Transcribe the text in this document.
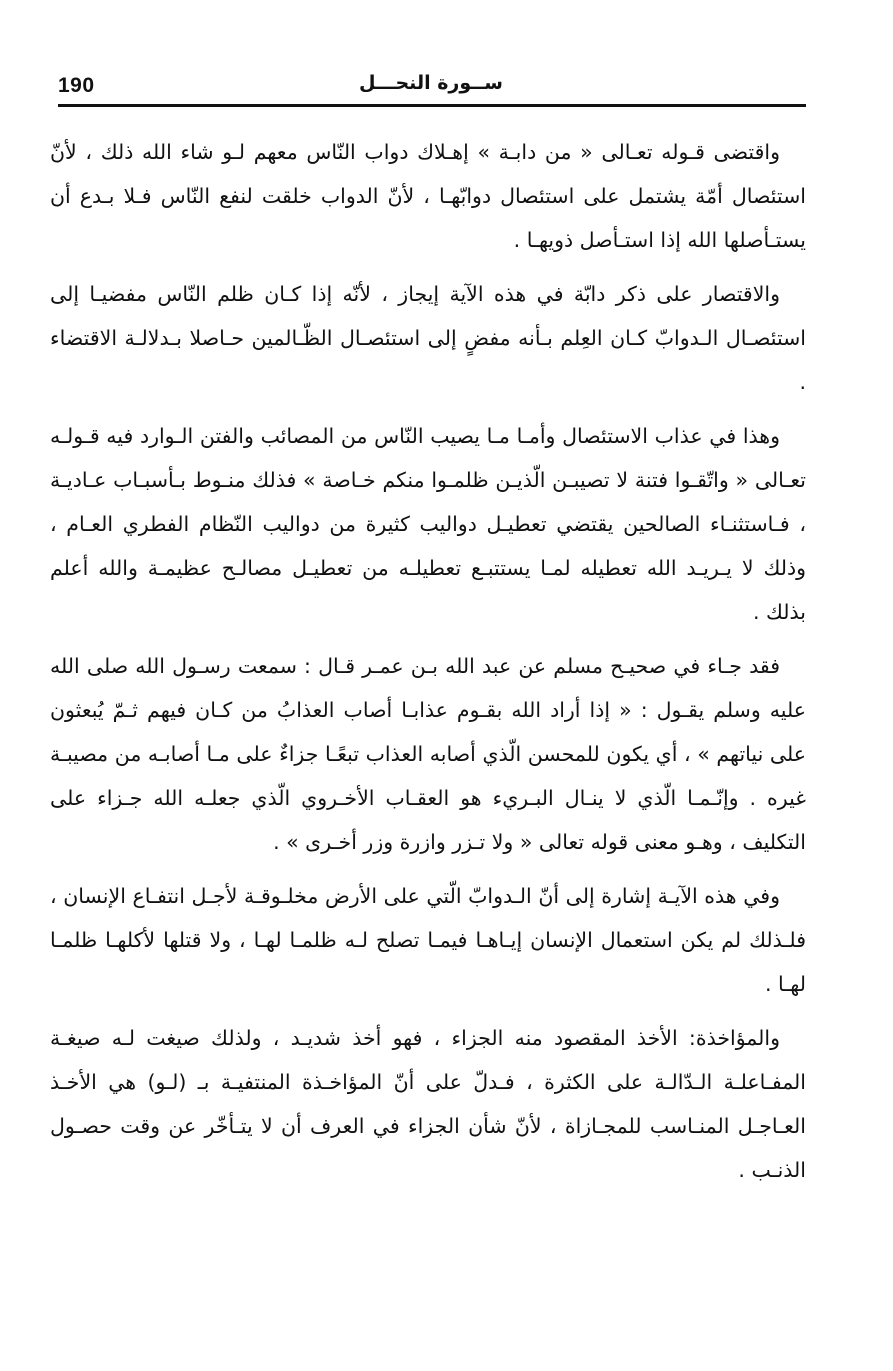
190	ســورة النحـــل

واقتضى قـوله تعـالى « من دابـة » إهـلاك دواب النّاس معهم لـو شاء الله ذلك ، لأنّ استئصال أمّة يشتمل على استئصال دوابّهـا ، لأنّ الدواب خلقت لنفع النّاس فـلا بـدع أن يستـأصلها الله إذا استـأصل ذويهـا .

والاقتصار على ذكر دابّة في هذه الآية إيجاز ، لأنّه إذا كـان ظلم النّاس مفضيـا إلى استئصـال الـدوابّ كـان العِلم بـأنه مفضٍ إلى استئصـال الظّـالمين حـاصلا بـدلالـة الاقتضاء .

وهذا في عذاب الاستئصال وأمـا مـا يصيب النّاس من المصائب والفتن الـوارد فيه قـولـه تعـالى « واتّقـوا فتنة لا تصيبـن الّذيـن ظلمـوا منكم خـاصة » فذلك منـوط بـأسبـاب عـاديـة ، فـاستثنـاء الصالحين يقتضي تعطيـل دواليب كثيرة من دواليب النّظام الفطري العـام ، وذلك لا يـريـد الله تعطيله لمـا يستتبـع تعطيلـه من تعطيـل مصالـح عظيمـة والله أعلم بذلك .

فقد جـاء في صحيـح مسلم عن عبد الله بـن عمـر قـال : سمعت رسـول الله صلى الله عليه وسلم يقـول : « إذا أراد الله بقـوم عذابـا أصاب العذابُ من كـان فيهم ثـمّ يُبعثون على نياتهم » ، أي يكون للمحسن الّذي أصابه العذاب تبعًـا جزاءٌ على مـا أصابـه من مصيبـة غيره . وإنّـمـا الّذي لا ينـال البـريء هو العقـاب الأخـروي الّذي جعلـه الله جـزاء على التكليف ، وهـو معنى قوله تعالى « ولا تـزر وازرة وزر أخـرى » .

وفي هذه الآيـة إشارة إلى أنّ الـدوابّ الّتي على الأرض مخلـوقـة لأجـل انتفـاع الإنسان ، فلـذلك لم يكن استعمال الإنسان إيـاهـا فيمـا تصلح لـه ظلمـا لهـا ، ولا قتلها لأكلهـا ظلمـا لهـا .

والمؤاخذة: الأخذ المقصود منه الجزاء ، فهو أخذ شديـد ، ولذلك صيغت لـه صيغـة المفـاعلـة الـدّالـة على الكثرة ، فـدلّ على أنّ المؤاخـذة المنتفيـة بـ (لـو) هي الأخـذ العـاجـل المنـاسب للمجـازاة ، لأنّ شأن الجزاء في العرف أن لا يتـأخّر عن وقت حصـول الذنـب .
